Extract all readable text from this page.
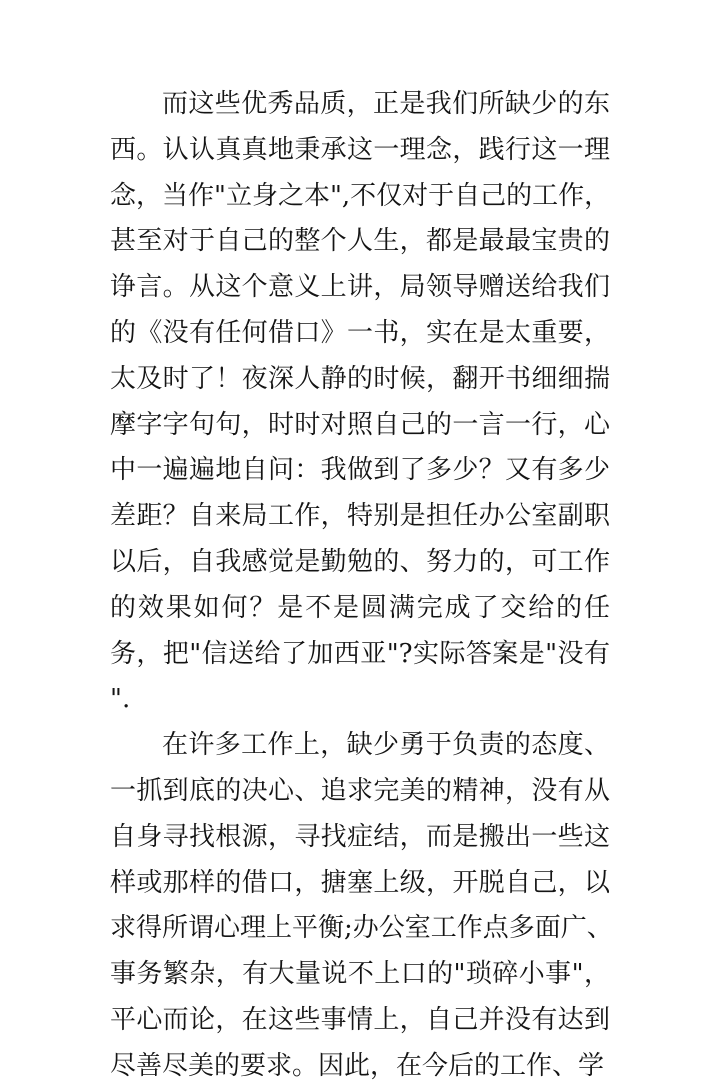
而这些优秀品质，正是我们所缺少的东
西。认认真真地秉承这一理念，践行这一理
念，当作"立身之本",不仅对于自己的工作，
甚至对于自己的整个人生，都是最最宝贵的
诤言。从这个意义上讲，局领导赠送给我们
的《没有任何借口》一书，实在是太重要，
太及时了！夜深人静的时候，翻开书细细揣
摩字字句句，时时对照自己的一言一行，心
中一遍遍地自问：我做到了多少？又有多少
差距？自来局工作，特别是担任办公室副职
以后，自我感觉是勤勉的、努力的，可工作
的效果如何？是不是圆满完成了交给的任
务，把"信送给了加西亚"?实际答案是"没有
".
在许多工作上，缺少勇于负责的态度、
一抓到底的决心、追求完美的精神，没有从
自身寻找根源，寻找症结，而是搬出一些这
样或那样的借口，搪塞上级，开脱自己，以
求得所谓心理上平衡;办公室工作点多面广、
事务繁杂，有大量说不上口的"琐碎小事"，
平心而论，在这些事情上，自己并没有达到
尽善尽美的要求。因此，在今后的工作、学
